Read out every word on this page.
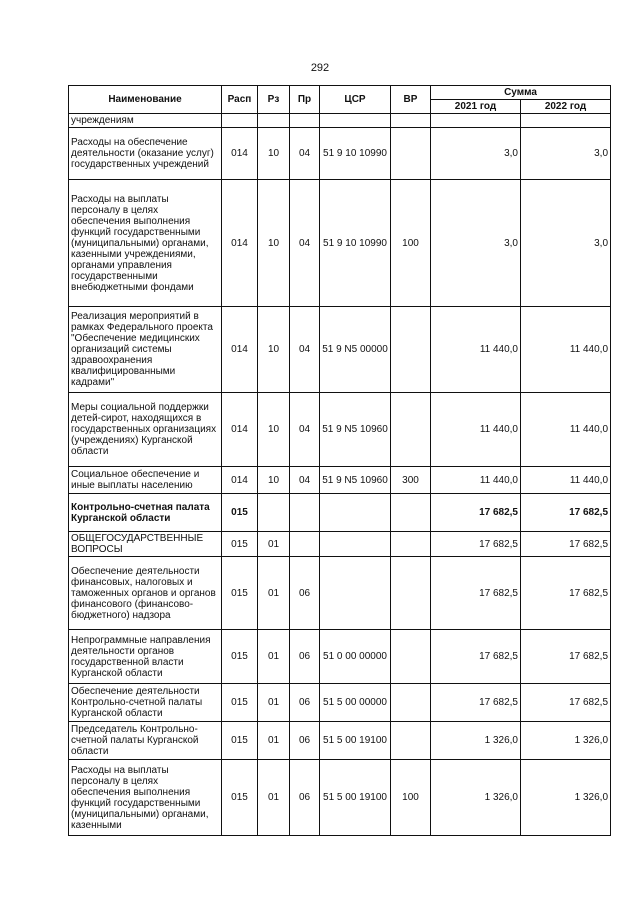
292
Наименование	Расп	Рз	Пр	ЦСР	ВР	Сумма	
						2021 год	2022 год
учреждениям							
Расходы на обеспечение деятельности (оказание услуг) государственных учреждений	014	10	04	51 9 10 10990		3,0	3,0
Расходы на выплаты персоналу в целях обеспечения выполнения функций государственными (муниципальными) органами, казенными учреждениями, органами управления государственными внебюджетными фондами	014	10	04	51 9 10 10990	100	3,0	3,0
Реализация мероприятий в рамках Федерального проекта "Обеспечение медицинских организаций системы здравоохранения квалифицированными кадрами"	014	10	04	51 9 N5 00000		11 440,0	11 440,0
Меры социальной поддержки детей-сирот, находящихся в государственных организациях (учреждениях) Курганской области	014	10	04	51 9 N5 10960		11 440,0	11 440,0
Социальное обеспечение и иные выплаты населению	014	10	04	51 9 N5 10960	300	11 440,0	11 440,0
Контрольно-счетная палата Курганской области	015					17 682,5	17 682,5
ОБЩЕГОСУДАРСТВЕННЫЕ ВОПРОСЫ	015	01				17 682,5	17 682,5
Обеспечение деятельности финансовых, налоговых и таможенных органов и органов финансового (финансово-бюджетного) надзора	015	01	06			17 682,5	17 682,5
Непрограммные направления деятельности органов государственной власти Курганской области	015	01	06	51 0 00 00000		17 682,5	17 682,5
Обеспечение деятельности Контрольно-счетной палаты Курганской области	015	01	06	51 5 00 00000		17 682,5	17 682,5
Председатель Контрольно-счетной палаты Курганской области	015	01	06	51 5 00 19100		1 326,0	1 326,0
Расходы на выплаты персоналу в целях обеспечения выполнения функций государственными (муниципальными) органами, казенными	015	01	06	51 5 00 19100	100	1 326,0	1 326,0
